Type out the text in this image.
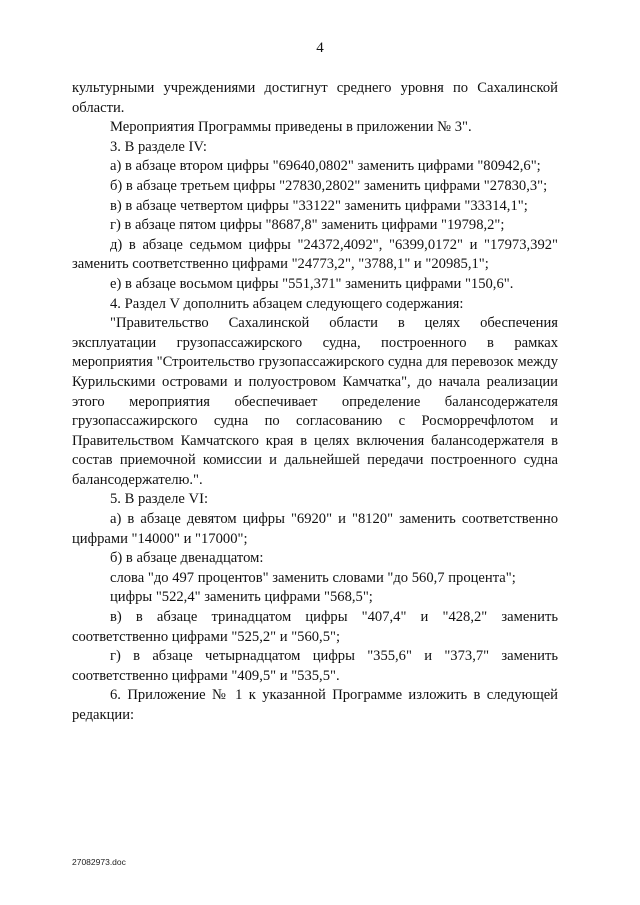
4

культурными учреждениями достигнут среднего уровня по Сахалинской области.

Мероприятия Программы приведены в приложении № 3".

3. В разделе IV:

а) в абзаце втором цифры "69640,0802" заменить цифрами "80942,6";

б) в абзаце третьем цифры "27830,2802" заменить цифрами "27830,3";

в) в абзаце четвертом цифры "33122" заменить цифрами "33314,1";

г) в абзаце пятом цифры "8687,8" заменить цифрами "19798,2";

д) в абзаце седьмом цифры "24372,4092", "6399,0172" и "17973,392" заменить соответственно цифрами "24773,2", "3788,1" и "20985,1";

е) в абзаце восьмом цифры "551,371" заменить цифрами "150,6".

4. Раздел V дополнить абзацем следующего содержания:

"Правительство Сахалинской области в целях обеспечения эксплуатации грузопассажирского судна, построенного в рамках мероприятия "Строительство грузопассажирского судна для перевозок между Курильскими островами и полуостровом Камчатка", до начала реализации этого мероприятия обеспечивает определение балансодержателя грузопассажирского судна по согласованию с Росморречфлотом и Правительством Камчатского края в целях включения балансодержателя в состав приемочной комиссии и дальнейшей передачи построенного судна балансодержателю.".

5. В разделе VI:

а) в абзаце девятом цифры "6920" и "8120" заменить соответственно цифрами "14000" и "17000";

б) в абзаце двенадцатом:

слова "до 497 процентов" заменить словами "до 560,7 процента";

цифры "522,4" заменить цифрами "568,5";

в) в абзаце тринадцатом цифры "407,4" и "428,2" заменить соответственно цифрами "525,2" и "560,5";

г) в абзаце четырнадцатом цифры "355,6" и "373,7" заменить соответственно цифрами "409,5" и "535,5".

6. Приложение № 1 к указанной Программе изложить в следующей редакции:

27082973.doc
